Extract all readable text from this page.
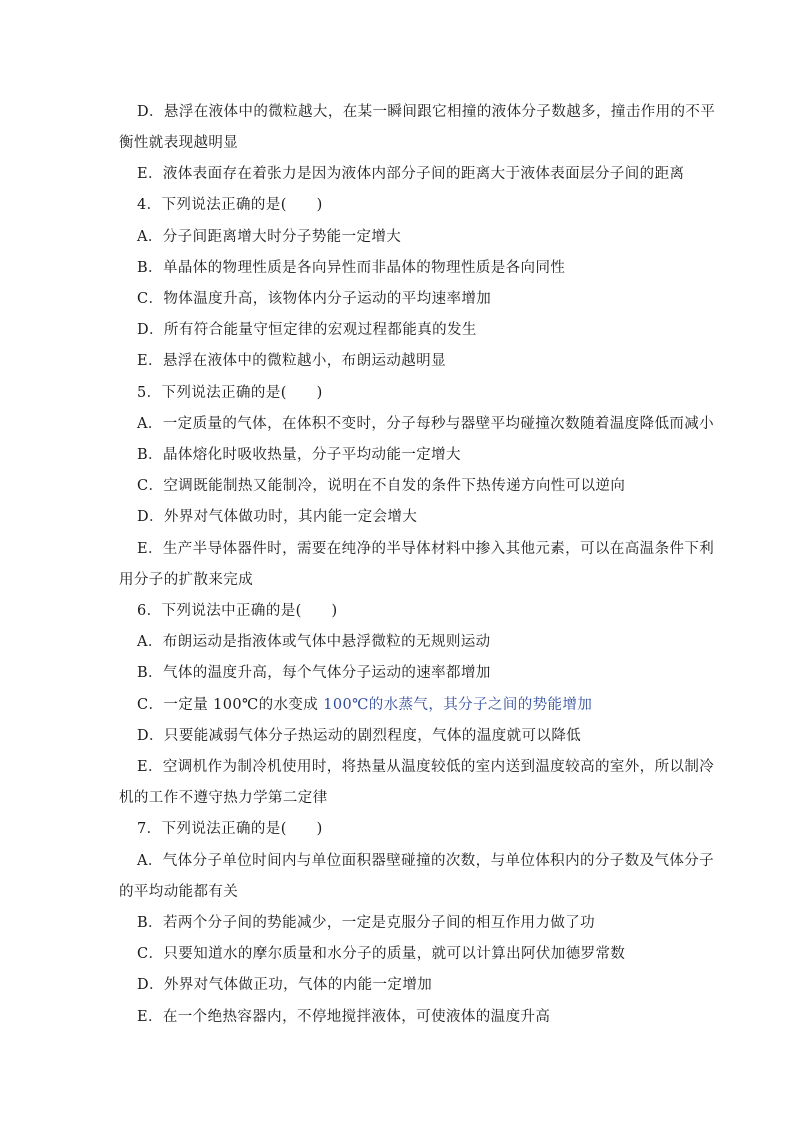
D．悬浮在液体中的微粒越大，在某一瞬间跟它相撞的液体分子数越多，撞击作用的不平
衡性就表现越明显
E．液体表面存在着张力是因为液体内部分子间的距离大于液体表面层分子间的距离
4．下列说法正确的是(　　)
A．分子间距离增大时分子势能一定增大
B．单晶体的物理性质是各向异性而非晶体的物理性质是各向同性
C．物体温度升高，该物体内分子运动的平均速率增加
D．所有符合能量守恒定律的宏观过程都能真的发生
E．悬浮在液体中的微粒越小，布朗运动越明显
5．下列说法正确的是(　　)
A．一定质量的气体，在体积不变时，分子每秒与器壁平均碰撞次数随着温度降低而减小
B．晶体熔化时吸收热量，分子平均动能一定增大
C．空调既能制热又能制冷，说明在不自发的条件下热传递方向性可以逆向
D．外界对气体做功时，其内能一定会增大
E．生产半导体器件时，需要在纯净的半导体材料中掺入其他元素，可以在高温条件下利
用分子的扩散来完成
6．下列说法中正确的是(　　)
A．布朗运动是指液体或气体中悬浮微粒的无规则运动
B．气体的温度升高，每个气体分子运动的速率都增加
C．一定量 100℃的水变成 100℃的水蒸气，其分子之间的势能增加
D．只要能减弱气体分子热运动的剧烈程度，气体的温度就可以降低
E．空调机作为制冷机使用时，将热量从温度较低的室内送到温度较高的室外，所以制冷
机的工作不遵守热力学第二定律
7．下列说法正确的是(　　)
A．气体分子单位时间内与单位面积器壁碰撞的次数，与单位体积内的分子数及气体分子
的平均动能都有关
B．若两个分子间的势能减少，一定是克服分子间的相互作用力做了功
C．只要知道水的摩尔质量和水分子的质量，就可以计算出阿伏加德罗常数
D．外界对气体做正功，气体的内能一定增加
E．在一个绝热容器内，不停地搅拌液体，可使液体的温度升高
